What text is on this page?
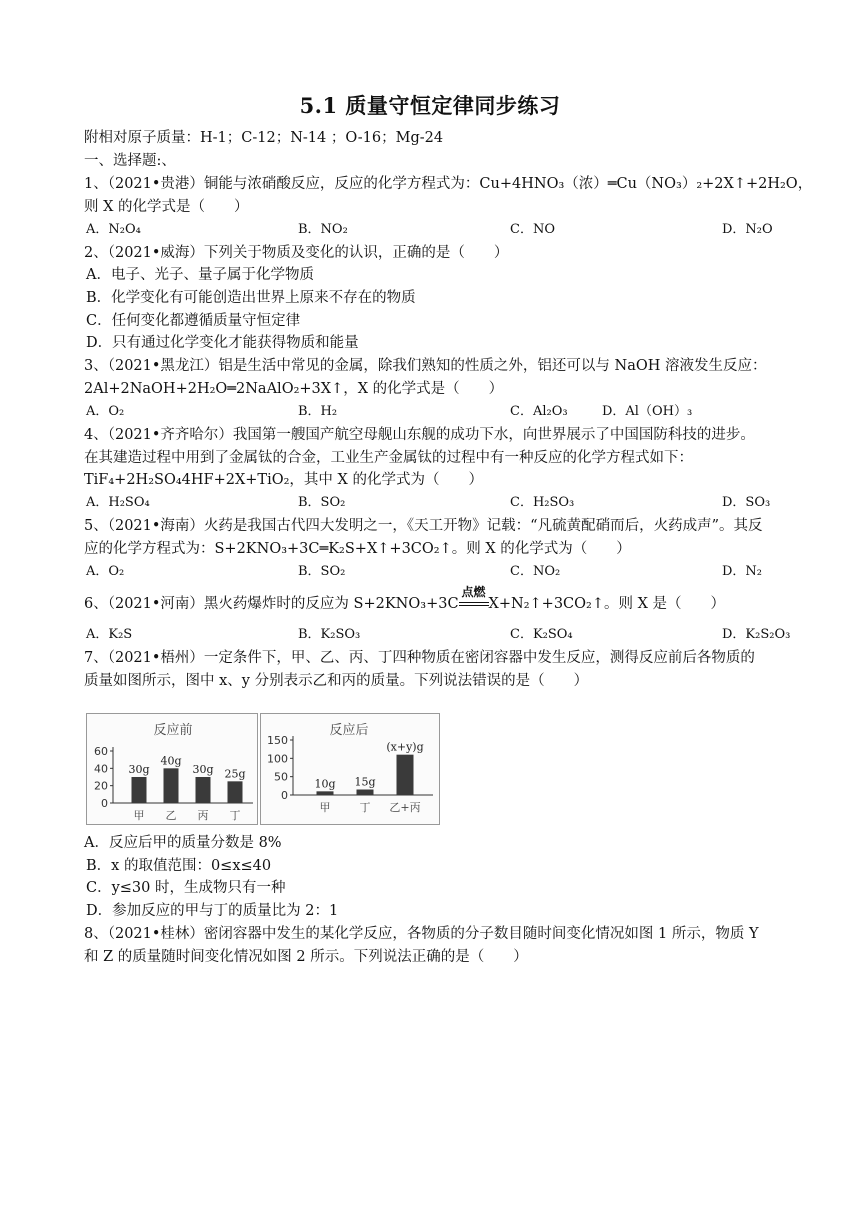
5.1 质量守恒定律同步练习
附相对原子质量：H-1；C-12；N-14 ；O-16；Mg-24
一、选择题:、
1、（2021•贵港）铜能与浓硝酸反应，反应的化学方程式为：Cu+4HNO₃（浓）═Cu（NO₃）₂+2X↑+2H₂O，
则 X 的化学式是（　　）
A．N₂O₄	B．NO₂	C．NO	D．N₂O
2、（2021•威海）下列关于物质及变化的认识，正确的是（　　）
A．电子、光子、量子属于化学物质
B．化学变化有可能创造出世界上原来不存在的物质
C．任何变化都遵循质量守恒定律
D．只有通过化学变化才能获得物质和能量
3、（2021•黑龙江）铝是生活中常见的金属，除我们熟知的性质之外，铝还可以与 NaOH 溶液发生反应：
2Al+2NaOH+2H₂O═2NaAlO₂+3X↑，X 的化学式是（　　）
A．O₂	B．H₂	C．Al₂O₃	D．Al（OH）₃
4、（2021•齐齐哈尔）我国第一艘国产航空母舰山东舰的成功下水，向世界展示了中国国防科技的进步。
在其建造过程中用到了金属钛的合金，工业生产金属钛的过程中有一种反应的化学方程式如下：
TiF₄+2H₂SO₄4HF+2X+TiO₂，其中 X 的化学式为（　　）
A．H₂SO₄	B．SO₂	C．H₂SO₃	D．SO₃
5、（2021•海南）火药是我国古代四大发明之一，《天工开物》记载：“凡硫黄配硝而后，火药成声”。其反
应的化学方程式为：S+2KNO₃+3C═K₂S+X↑+3CO₂↑。则 X 的化学式为（　　）
A．O₂	B．SO₂	C．NO₂	D．N₂
6、（2021•河南）黑火药爆炸时的反应为 S+2KNO₃+3C
点燃
X+N₂↑+3CO₂↑。则 X 是（　　）
A．K₂S	B．K₂SO₃	C．K₂SO₄	D．K₂S₂O₃
7、（2021•梧州）一定条件下，甲、乙、丙、丁四种物质在密闭容器中发生反应，测得反应前后各物质的
质量如图所示，图中 x、y 分别表示乙和丙的质量。下列说法错误的是（　　）
反应前
60
40
20
0
30g
甲
40g
乙
30g
丙
25g
丁
反应后
150
100
50
0
10g
甲
15g
丁
(x+y)g
乙+丙
A．反应后甲的质量分数是 8%
B．x 的取值范围：0≤x≤40
C．y≤30 时，生成物只有一种
D．参加反应的甲与丁的质量比为 2：1
8、（2021•桂林）密闭容器中发生的某化学反应，各物质的分子数目随时间变化情况如图 1 所示，物质 Y
和 Z 的质量随时间变化情况如图 2 所示。下列说法正确的是（　　）
